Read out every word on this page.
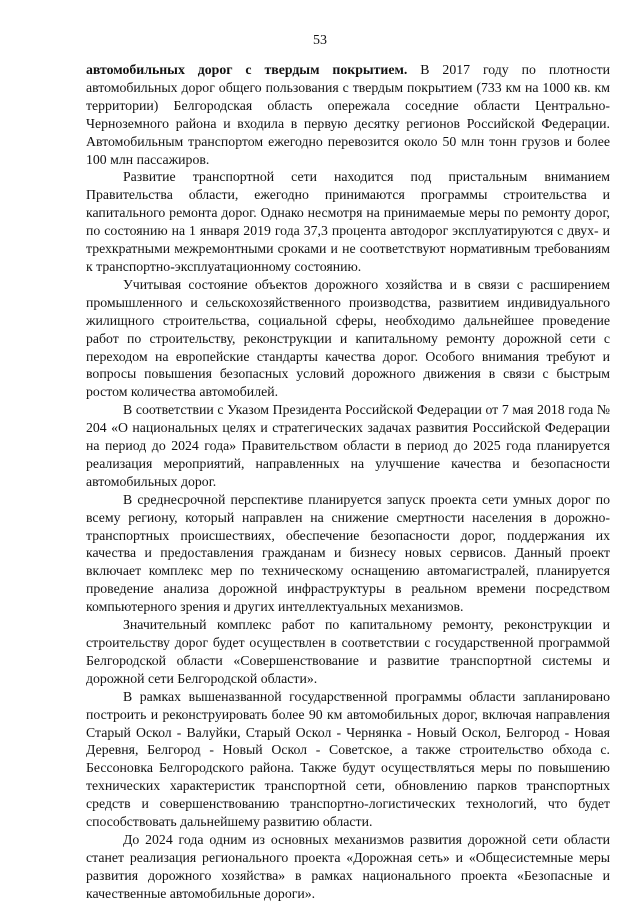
53

автомобильных дорог с твердым покрытием. В 2017 году по плотности автомобильных дорог общего пользования с твердым покрытием (733 км на 1000 кв. км территории) Белгородская область опережала соседние области Центрально-Черноземного района и входила в первую десятку регионов Российской Федерации. Автомобильным транспортом ежегодно перевозится около 50 млн тонн грузов и более 100 млн пассажиров.

Развитие транспортной сети находится под пристальным вниманием Правительства области, ежегодно принимаются программы строительства и капитального ремонта дорог. Однако несмотря на принимаемые меры по ремонту дорог, по состоянию на 1 января 2019 года 37,3 процента автодорог эксплуатируются с двух- и трехкратными межремонтными сроками и не соответствуют нормативным требованиям к транспортно-эксплуатационному состоянию.

Учитывая состояние объектов дорожного хозяйства и в связи с расширением промышленного и сельскохозяйственного производства, развитием индивидуального жилищного строительства, социальной сферы, необходимо дальнейшее проведение работ по строительству, реконструкции и капитальному ремонту дорожной сети с переходом на европейские стандарты качества дорог. Особого внимания требуют и вопросы повышения безопасных условий дорожного движения в связи с быстрым ростом количества автомобилей.

В соответствии с Указом Президента Российской Федерации от 7 мая 2018 года № 204 «О национальных целях и стратегических задачах развития Российской Федерации на период до 2024 года» Правительством области в период до 2025 года планируется реализация мероприятий, направленных на улучшение качества и безопасности автомобильных дорог.

В среднесрочной перспективе планируется запуск проекта сети умных дорог по всему региону, который направлен на снижение смертности населения в дорожно-транспортных происшествиях, обеспечение безопасности дорог, поддержания их качества и предоставления гражданам и бизнесу новых сервисов. Данный проект включает комплекс мер по техническому оснащению автомагистралей, планируется проведение анализа дорожной инфраструктуры в реальном времени посредством компьютерного зрения и других интеллектуальных механизмов.

Значительный комплекс работ по капитальному ремонту, реконструкции и строительству дорог будет осуществлен в соответствии с государственной программой Белгородской области «Совершенствование и развитие транспортной системы и дорожной сети Белгородской области».

В рамках вышеназванной государственной программы области запланировано построить и реконструировать более 90 км автомобильных дорог, включая направления Старый Оскол - Валуйки, Старый Оскол - Чернянка - Новый Оскол, Белгород - Новая Деревня, Белгород - Новый Оскол - Советское, а также строительство обхода с. Бессоновка Белгородского района. Также будут осуществляться меры по повышению технических характеристик транспортной сети, обновлению парков транспортных средств и совершенствованию транспортно-логистических технологий, что будет способствовать дальнейшему развитию области.

До 2024 года одним из основных механизмов развития дорожной сети области станет реализация регионального проекта «Дорожная сеть» и «Общесистемные меры развития дорожного хозяйства» в рамках национального проекта «Безопасные и качественные автомобильные дороги».
